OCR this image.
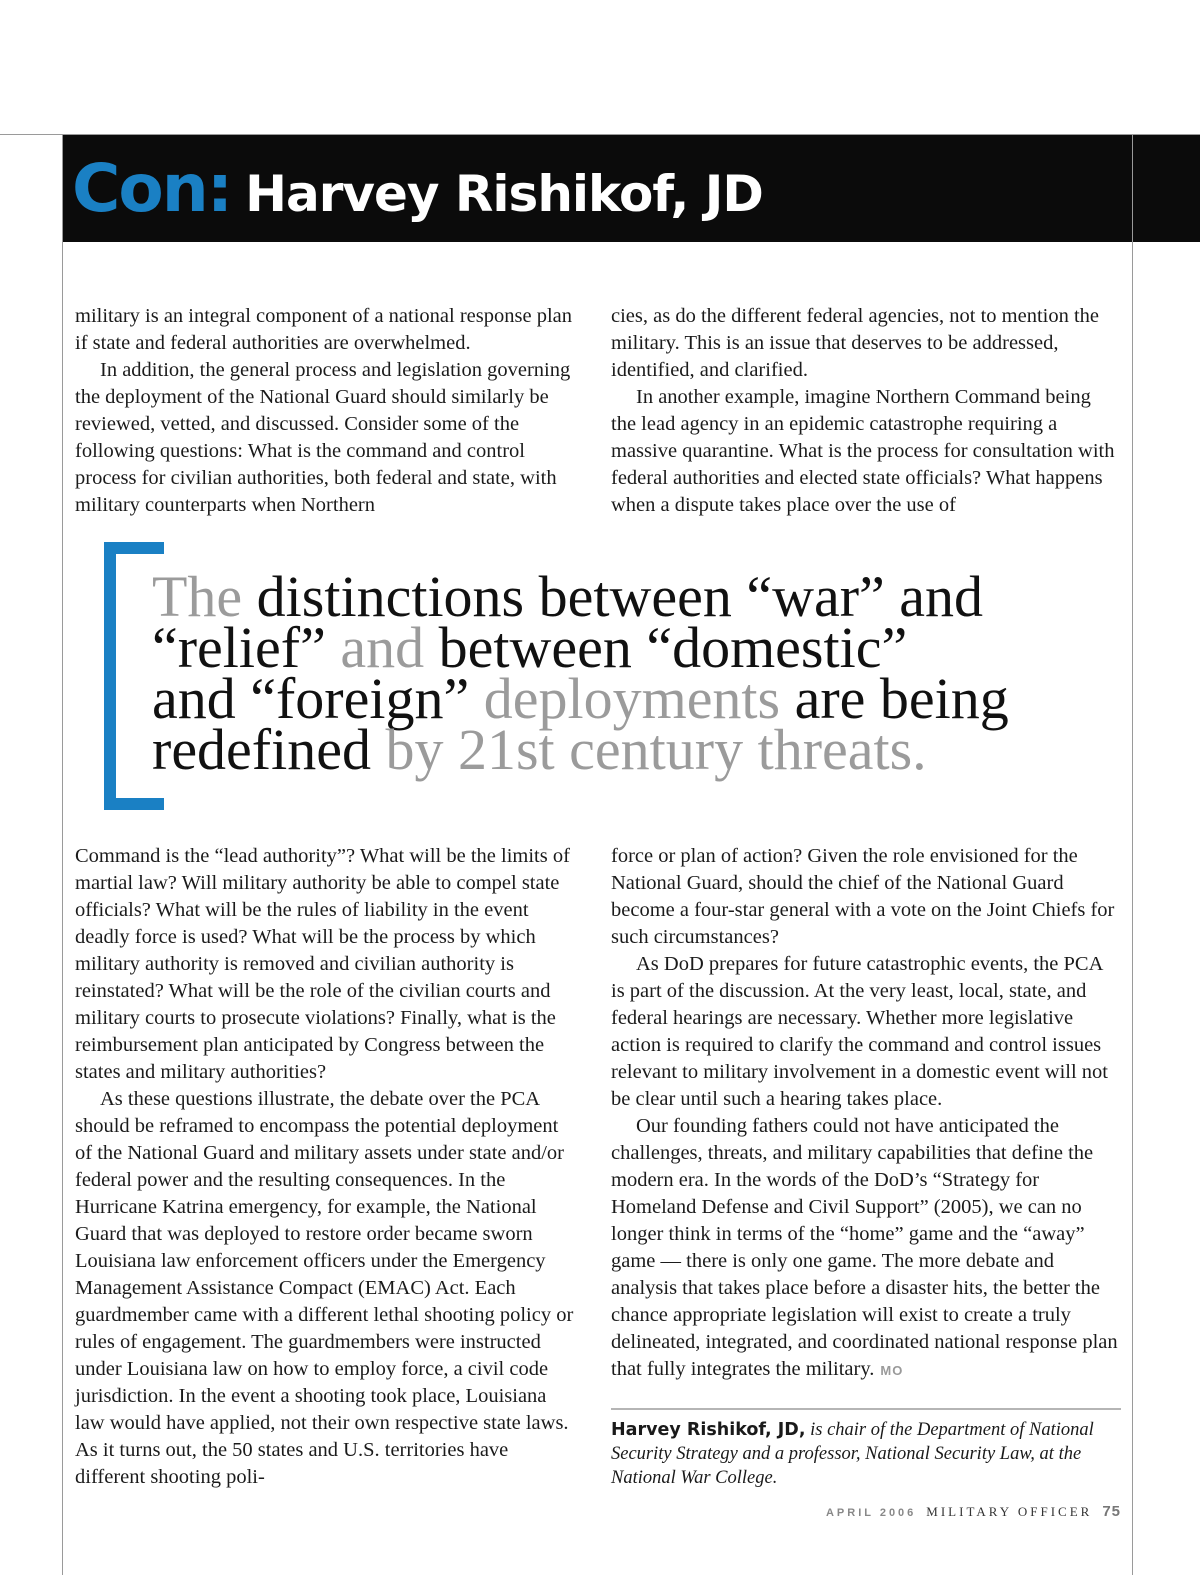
Con: Harvey Rishikof, JD

military is an integral component of a national response plan if state and federal authorities are overwhelmed.

In addition, the general process and legislation governing the deployment of the National Guard should similarly be reviewed, vetted, and discussed. Consider some of the following questions: What is the command and control process for civilian authorities, both federal and state, with military counterparts when Northern

cies, as do the different federal agencies, not to mention the military. This is an issue that deserves to be addressed, identified, and clarified.

In another example, imagine Northern Command being the lead agency in an epidemic catastrophe requiring a massive quarantine. What is the process for consultation with federal authorities and elected state officials? What happens when a dispute takes place over the use of

The distinctions between “war” and
“relief” and between “domestic”
and “foreign” deployments are being
redefined by 21st century threats.

Command is the “lead authority”? What will be the limits of martial law? Will military authority be able to compel state officials? What will be the rules of liability in the event deadly force is used? What will be the process by which military authority is removed and civilian authority is reinstated? What will be the role of the civilian courts and military courts to prosecute violations? Finally, what is the reimbursement plan anticipated by Congress between the states and military authorities?

As these questions illustrate, the debate over the PCA should be reframed to encompass the potential deployment of the National Guard and military assets under state and/or federal power and the resulting consequences. In the Hurricane Katrina emergency, for example, the National Guard that was deployed to restore order became sworn Louisiana law enforcement officers under the Emergency Management Assistance Compact (EMAC) Act. Each guardmember came with a different lethal shooting policy or rules of engagement. The guardmembers were instructed under Louisiana law on how to employ force, a civil code jurisdiction. In the event a shooting took place, Louisiana law would have applied, not their own respective state laws. As it turns out, the 50 states and U.S. territories have different shooting poli-

force or plan of action? Given the role envisioned for the National Guard, should the chief of the National Guard become a four-star general with a vote on the Joint Chiefs for such circumstances?

As DoD prepares for future catastrophic events, the PCA is part of the discussion. At the very least, local, state, and federal hearings are necessary. Whether more legislative action is required to clarify the command and control issues relevant to military involvement in a domestic event will not be clear until such a hearing takes place.

Our founding fathers could not have anticipated the challenges, threats, and military capabilities that define the modern era. In the words of the DoD’s “Strategy for Homeland Defense and Civil Support” (2005), we can no longer think in terms of the “home” game and the “away” game — there is only one game. The more debate and analysis that takes place before a disaster hits, the better the chance appropriate legislation will exist to create a truly delineated, integrated, and coordinated national response plan that fully integrates the military. MO

Harvey Rishikof, JD, is chair of the Department of National Security Strategy and a professor, National Security Law, at the National War College.
APRIL 2006 MILITARY OFFICER 75
